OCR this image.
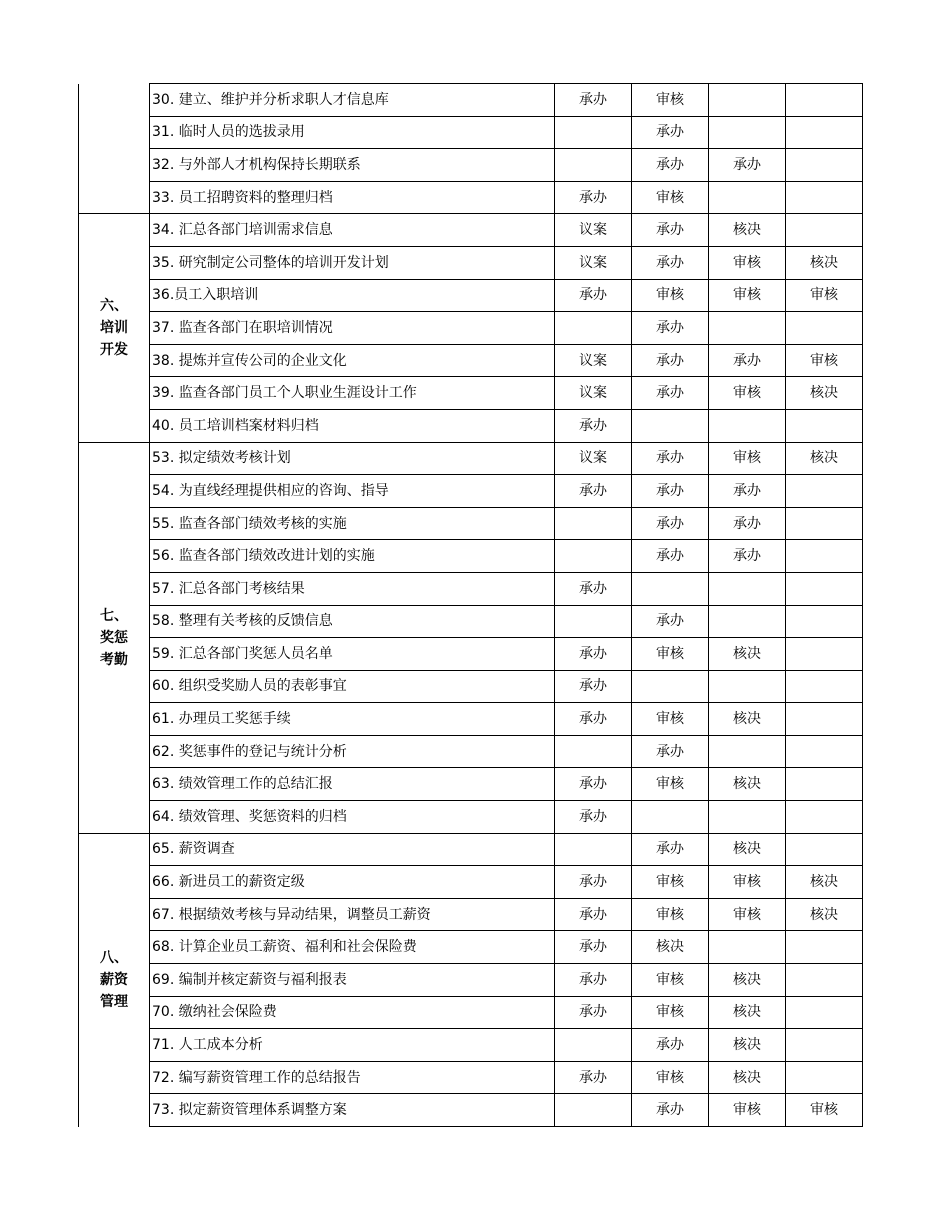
	30. 建立、维护并分析求职人才信息库	承办	审核		
	31. 临时人员的选拔录用		承办		
	32. 与外部人才机构保持长期联系		承办	承办	
	33. 员工招聘资料的整理归档	承办	审核		

六、
培训
开发	34. 汇总各部门培训需求信息	议案	承办	核决	
	35. 研究制定公司整体的培训开发计划	议案	承办	审核	核决
	36.员工入职培训	承办	审核	审核	审核
	37. 监查各部门在职培训情况		承办		
	38. 提炼并宣传公司的企业文化	议案	承办	承办	审核
	39. 监查各部门员工个人职业生涯设计工作	议案	承办	审核	核决
	40. 员工培训档案材料归档	承办			

七、
奖惩
考勤	53. 拟定绩效考核计划	议案	承办	审核	核决
	54. 为直线经理提供相应的咨询、指导	承办	承办	承办	
	55. 监查各部门绩效考核的实施		承办	承办	
	56. 监查各部门绩效改进计划的实施		承办	承办	
	57. 汇总各部门考核结果	承办			
	58. 整理有关考核的反馈信息		承办		
	59. 汇总各部门奖惩人员名单	承办	审核	核决	
	60. 组织受奖励人员的表彰事宜	承办			
	61. 办理员工奖惩手续	承办	审核	核决	
	62. 奖惩事件的登记与统计分析		承办		
	63. 绩效管理工作的总结汇报	承办	审核	核决	
	64. 绩效管理、奖惩资料的归档	承办			

八、
薪资
管理	65. 薪资调查		承办	核决	
	66. 新进员工的薪资定级	承办	审核	审核	核决
	67. 根据绩效考核与异动结果，调整员工薪资	承办	审核	审核	核决
	68. 计算企业员工薪资、福利和社会保险费	承办	核决		
	69. 编制并核定薪资与福利报表	承办	审核	核决	
	70. 缴纳社会保险费	承办	审核	核决	
	71. 人工成本分析		承办	核决	
	72. 编写薪资管理工作的总结报告	承办	审核	核决	
	73. 拟定薪资管理体系调整方案		承办	审核	审核
